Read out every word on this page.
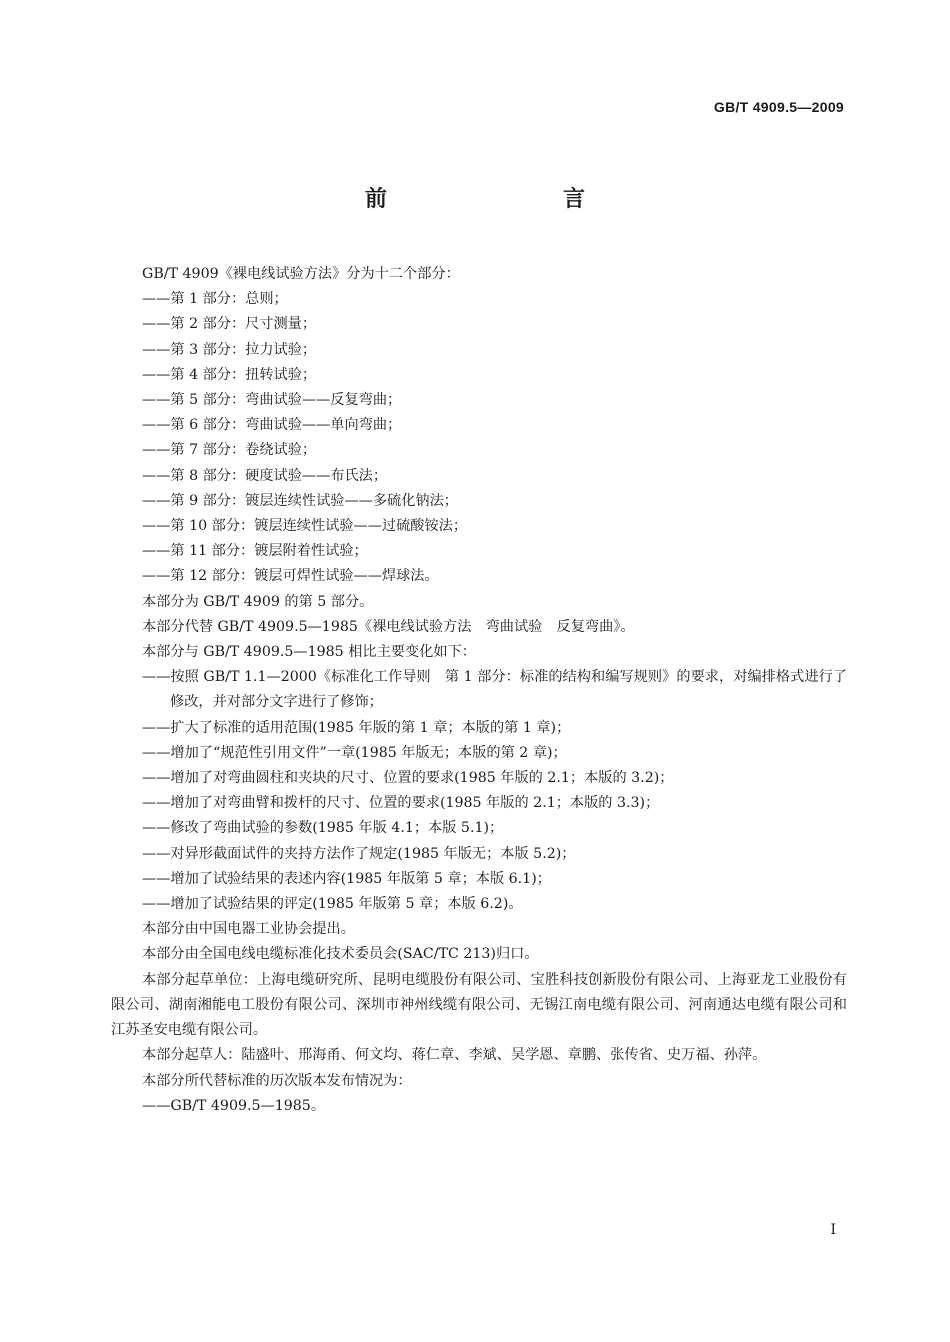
GB/T 4909.5—2009
前　　言

GB/T 4909《裸电线试验方法》分为十二个部分：

——第 1 部分：总则；

——第 2 部分：尺寸测量；

——第 3 部分：拉力试验；

——第 4 部分：扭转试验；

——第 5 部分：弯曲试验——反复弯曲；

——第 6 部分：弯曲试验——单向弯曲；

——第 7 部分：卷绕试验；

——第 8 部分：硬度试验——布氏法；

——第 9 部分：镀层连续性试验——多硫化钠法；

——第 10 部分：镀层连续性试验——过硫酸铵法；

——第 11 部分：镀层附着性试验；

——第 12 部分：镀层可焊性试验——焊球法。

本部分为 GB/T 4909 的第 5 部分。

本部分代替 GB/T 4909.5—1985《裸电线试验方法　弯曲试验　反复弯曲》。

本部分与 GB/T 4909.5—1985 相比主要变化如下：

——按照 GB/T 1.1—2000《标准化工作导则　第 1 部分：标准的结构和编写规则》的要求，对编排格式进行了修改，并对部分文字进行了修饰；

——扩大了标准的适用范围(1985 年版的第 1 章；本版的第 1 章)；

——增加了“规范性引用文件”一章(1985 年版无；本版的第 2 章)；

——增加了对弯曲圆柱和夹块的尺寸、位置的要求(1985 年版的 2.1；本版的 3.2)；

——增加了对弯曲臂和拨杆的尺寸、位置的要求(1985 年版的 2.1；本版的 3.3)；

——修改了弯曲试验的参数(1985 年版 4.1；本版 5.1)；

——对异形截面试件的夹持方法作了规定(1985 年版无；本版 5.2)；

——增加了试验结果的表述内容(1985 年版第 5 章；本版 6.1)；

——增加了试验结果的评定(1985 年版第 5 章；本版 6.2)。

本部分由中国电器工业协会提出。

本部分由全国电线电缆标准化技术委员会(SAC/TC 213)归口。

本部分起草单位：上海电缆研究所、昆明电缆股份有限公司、宝胜科技创新股份有限公司、上海亚龙工业股份有限公司、湖南湘能电工股份有限公司、深圳市神州线缆有限公司、无锡江南电缆有限公司、河南通达电缆有限公司和江苏圣安电缆有限公司。

本部分起草人：陆盛叶、邢海甬、何文均、蒋仁章、李斌、吴学恩、章鹏、张传省、史万福、孙萍。

本部分所代替标准的历次版本发布情况为：

——GB/T 4909.5—1985。

I
